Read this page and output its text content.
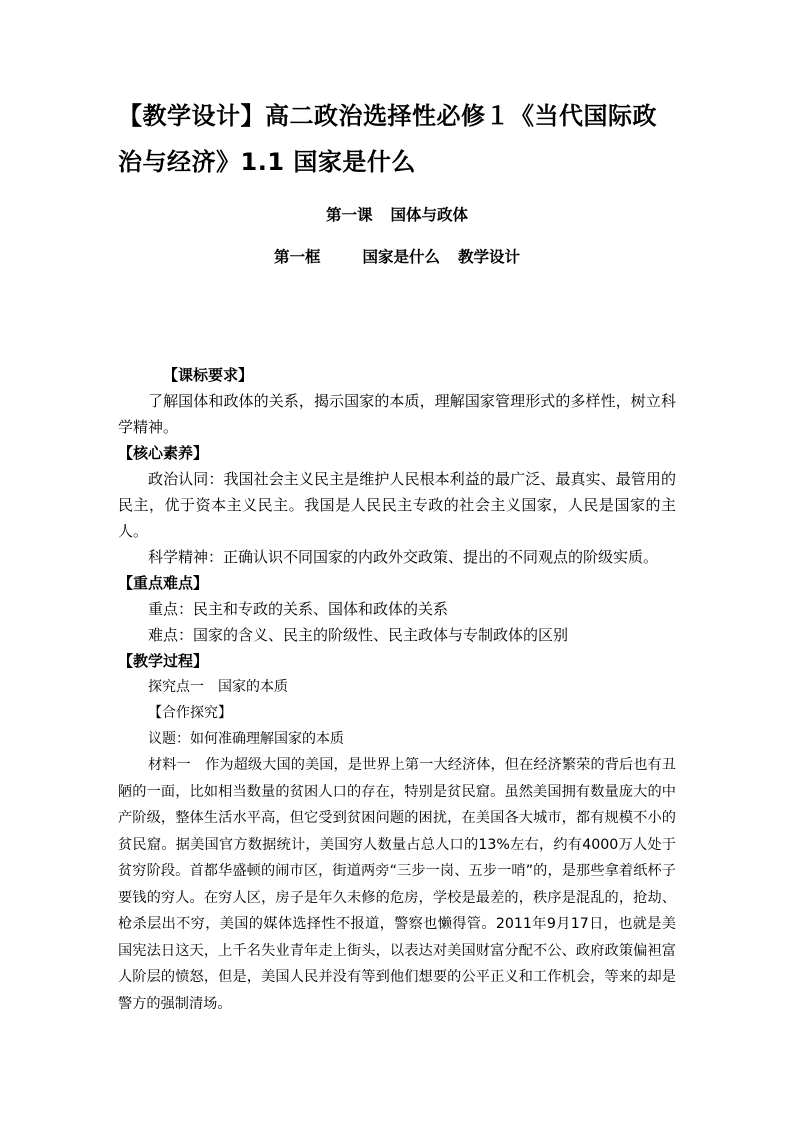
【教学设计】高二政治选择性必修１《当代国际政治与经济》1.1 国家是什么
第一课 国体与政体
第一框	国家是什么 教学设计

【课标要求】

了解国体和政体的关系，揭示国家的本质，理解国家管理形式的多样性，树立科学精神。

【核心素养】

政治认同：我国社会主义民主是维护人民根本利益的最广泛、最真实、最管用的民主，优于资本主义民主。我国是人民民主专政的社会主义国家，人民是国家的主人。

科学精神：正确认识不同国家的内政外交政策、提出的不同观点的阶级实质。

【重点难点】

重点：民主和专政的关系、国体和政体的关系

难点：国家的含义、民主的阶级性、民主政体与专制政体的区别

【教学过程】

探究点一　国家的本质

【合作探究】

议题：如何准确理解国家的本质

材料一　作为超级大国的美国，是世界上第一大经济体，但在经济繁荣的背后也有丑陋的一面，比如相当数量的贫困人口的存在，特别是贫民窟。虽然美国拥有数量庞大的中产阶级，整体生活水平高，但它受到贫困问题的困扰，在美国各大城市，都有规模不小的贫民窟。据美国官方数据统计，美国穷人数量占总人口的13%左右，约有4000万人处于贫穷阶段。首都华盛顿的闹市区，街道两旁“三步一岗、五步一哨”的，是那些拿着纸杯子要钱的穷人。在穷人区，房子是年久未修的危房，学校是最差的，秩序是混乱的，抢劫、枪杀层出不穷，美国的媒体选择性不报道，警察也懒得管。2011年9月17日，也就是美国宪法日这天，上千名失业青年走上街头，以表达对美国财富分配不公、政府政策偏袒富人阶层的愤怒，但是，美国人民并没有等到他们想要的公平正义和工作机会，等来的却是警方的强制清场。
